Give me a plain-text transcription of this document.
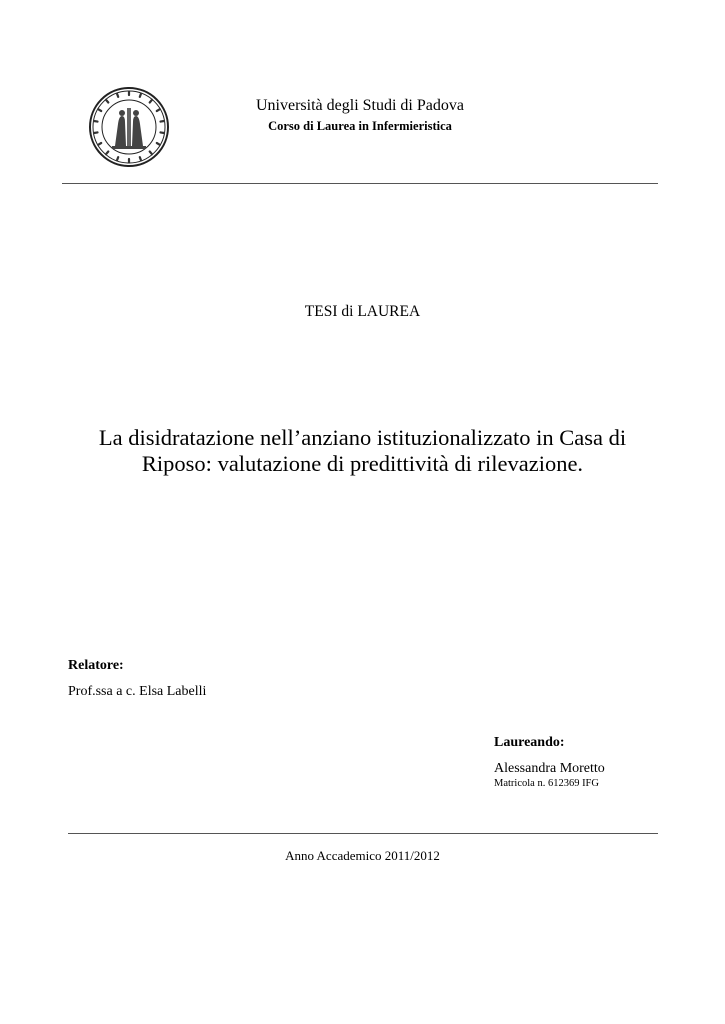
Università degli Studi di Padova
Corso di Laurea in Infermieristica
TESI di LAUREA
La disidratazione nell’anziano istituzionalizzato in Casa di Riposo: valutazione di predittività di rilevazione.
Relatore:
Prof.ssa a c. Elsa Labelli
Laureando:
Alessandra Moretto
Matricola n. 612369 IFG
Anno Accademico 2011/2012
